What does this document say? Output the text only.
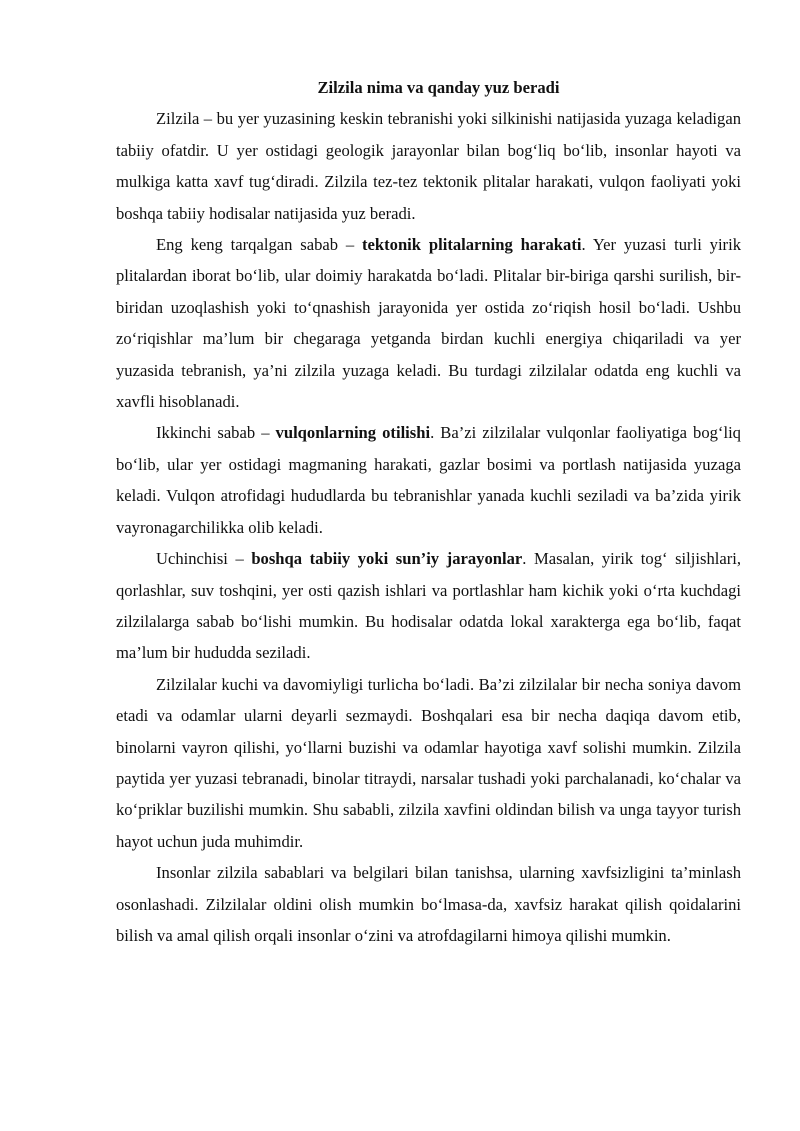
Zilzila nima va qanday yuz beradi

Zilzila – bu yer yuzasining keskin tebranishi yoki silkinishi natijasida yuzaga keladigan tabiiy ofatdir. U yer ostidagi geologik jarayonlar bilan bog‘liq bo‘lib, insonlar hayoti va mulkiga katta xavf tug‘diradi. Zilzila tez-tez tektonik plitalar harakati, vulqon faoliyati yoki boshqa tabiiy hodisalar natijasida yuz beradi.

Eng keng tarqalgan sabab – tektonik plitalarning harakati. Yer yuzasi turli yirik plitalardan iborat bo‘lib, ular doimiy harakatda bo‘ladi. Plitalar bir-biriga qarshi surilish, bir-biridan uzoqlashish yoki to‘qnashish jarayonida yer ostida zo‘riqish hosil bo‘ladi. Ushbu zo‘riqishlar ma’lum bir chegaraga yetganda birdan kuchli energiya chiqariladi va yer yuzasida tebranish, ya’ni zilzila yuzaga keladi. Bu turdagi zilzilalar odatda eng kuchli va xavfli hisoblanadi.

Ikkinchi sabab – vulqonlarning otilishi. Ba’zi zilzilalar vulqonlar faoliyatiga bog‘liq bo‘lib, ular yer ostidagi magmaning harakati, gazlar bosimi va portlash natijasida yuzaga keladi. Vulqon atrofidagi hududlarda bu tebranishlar yanada kuchli seziladi va ba’zida yirik vayronagarchilikka olib keladi.

Uchinchisi – boshqa tabiiy yoki sun’iy jarayonlar. Masalan, yirik tog‘ siljishlari, qorlashlar, suv toshqini, yer osti qazish ishlari va portlashlar ham kichik yoki o‘rta kuchdagi zilzilalarga sabab bo‘lishi mumkin. Bu hodisalar odatda lokal xarakterga ega bo‘lib, faqat ma’lum bir hududda seziladi.

Zilzilalar kuchi va davomiyligi turlicha bo‘ladi. Ba’zi zilzilalar bir necha soniya davom etadi va odamlar ularni deyarli sezmaydi. Boshqalari esa bir necha daqiqa davom etib, binolarni vayron qilishi, yo‘llarni buzishi va odamlar hayotiga xavf solishi mumkin. Zilzila paytida yer yuzasi tebranadi, binolar titraydi, narsalar tushadi yoki parchalanadi, ko‘chalar va ko‘priklar buzilishi mumkin. Shu sababli, zilzila xavfini oldindan bilish va unga tayyor turish hayot uchun juda muhimdir.

Insonlar zilzila sabablari va belgilari bilan tanishsa, ularning xavfsizligini ta’minlash osonlashadi. Zilzilalar oldini olish mumkin bo‘lmasa-da, xavfsiz harakat qilish qoidalarini bilish va amal qilish orqali insonlar o‘zini va atrofdagilarni himoya qilishi mumkin.
